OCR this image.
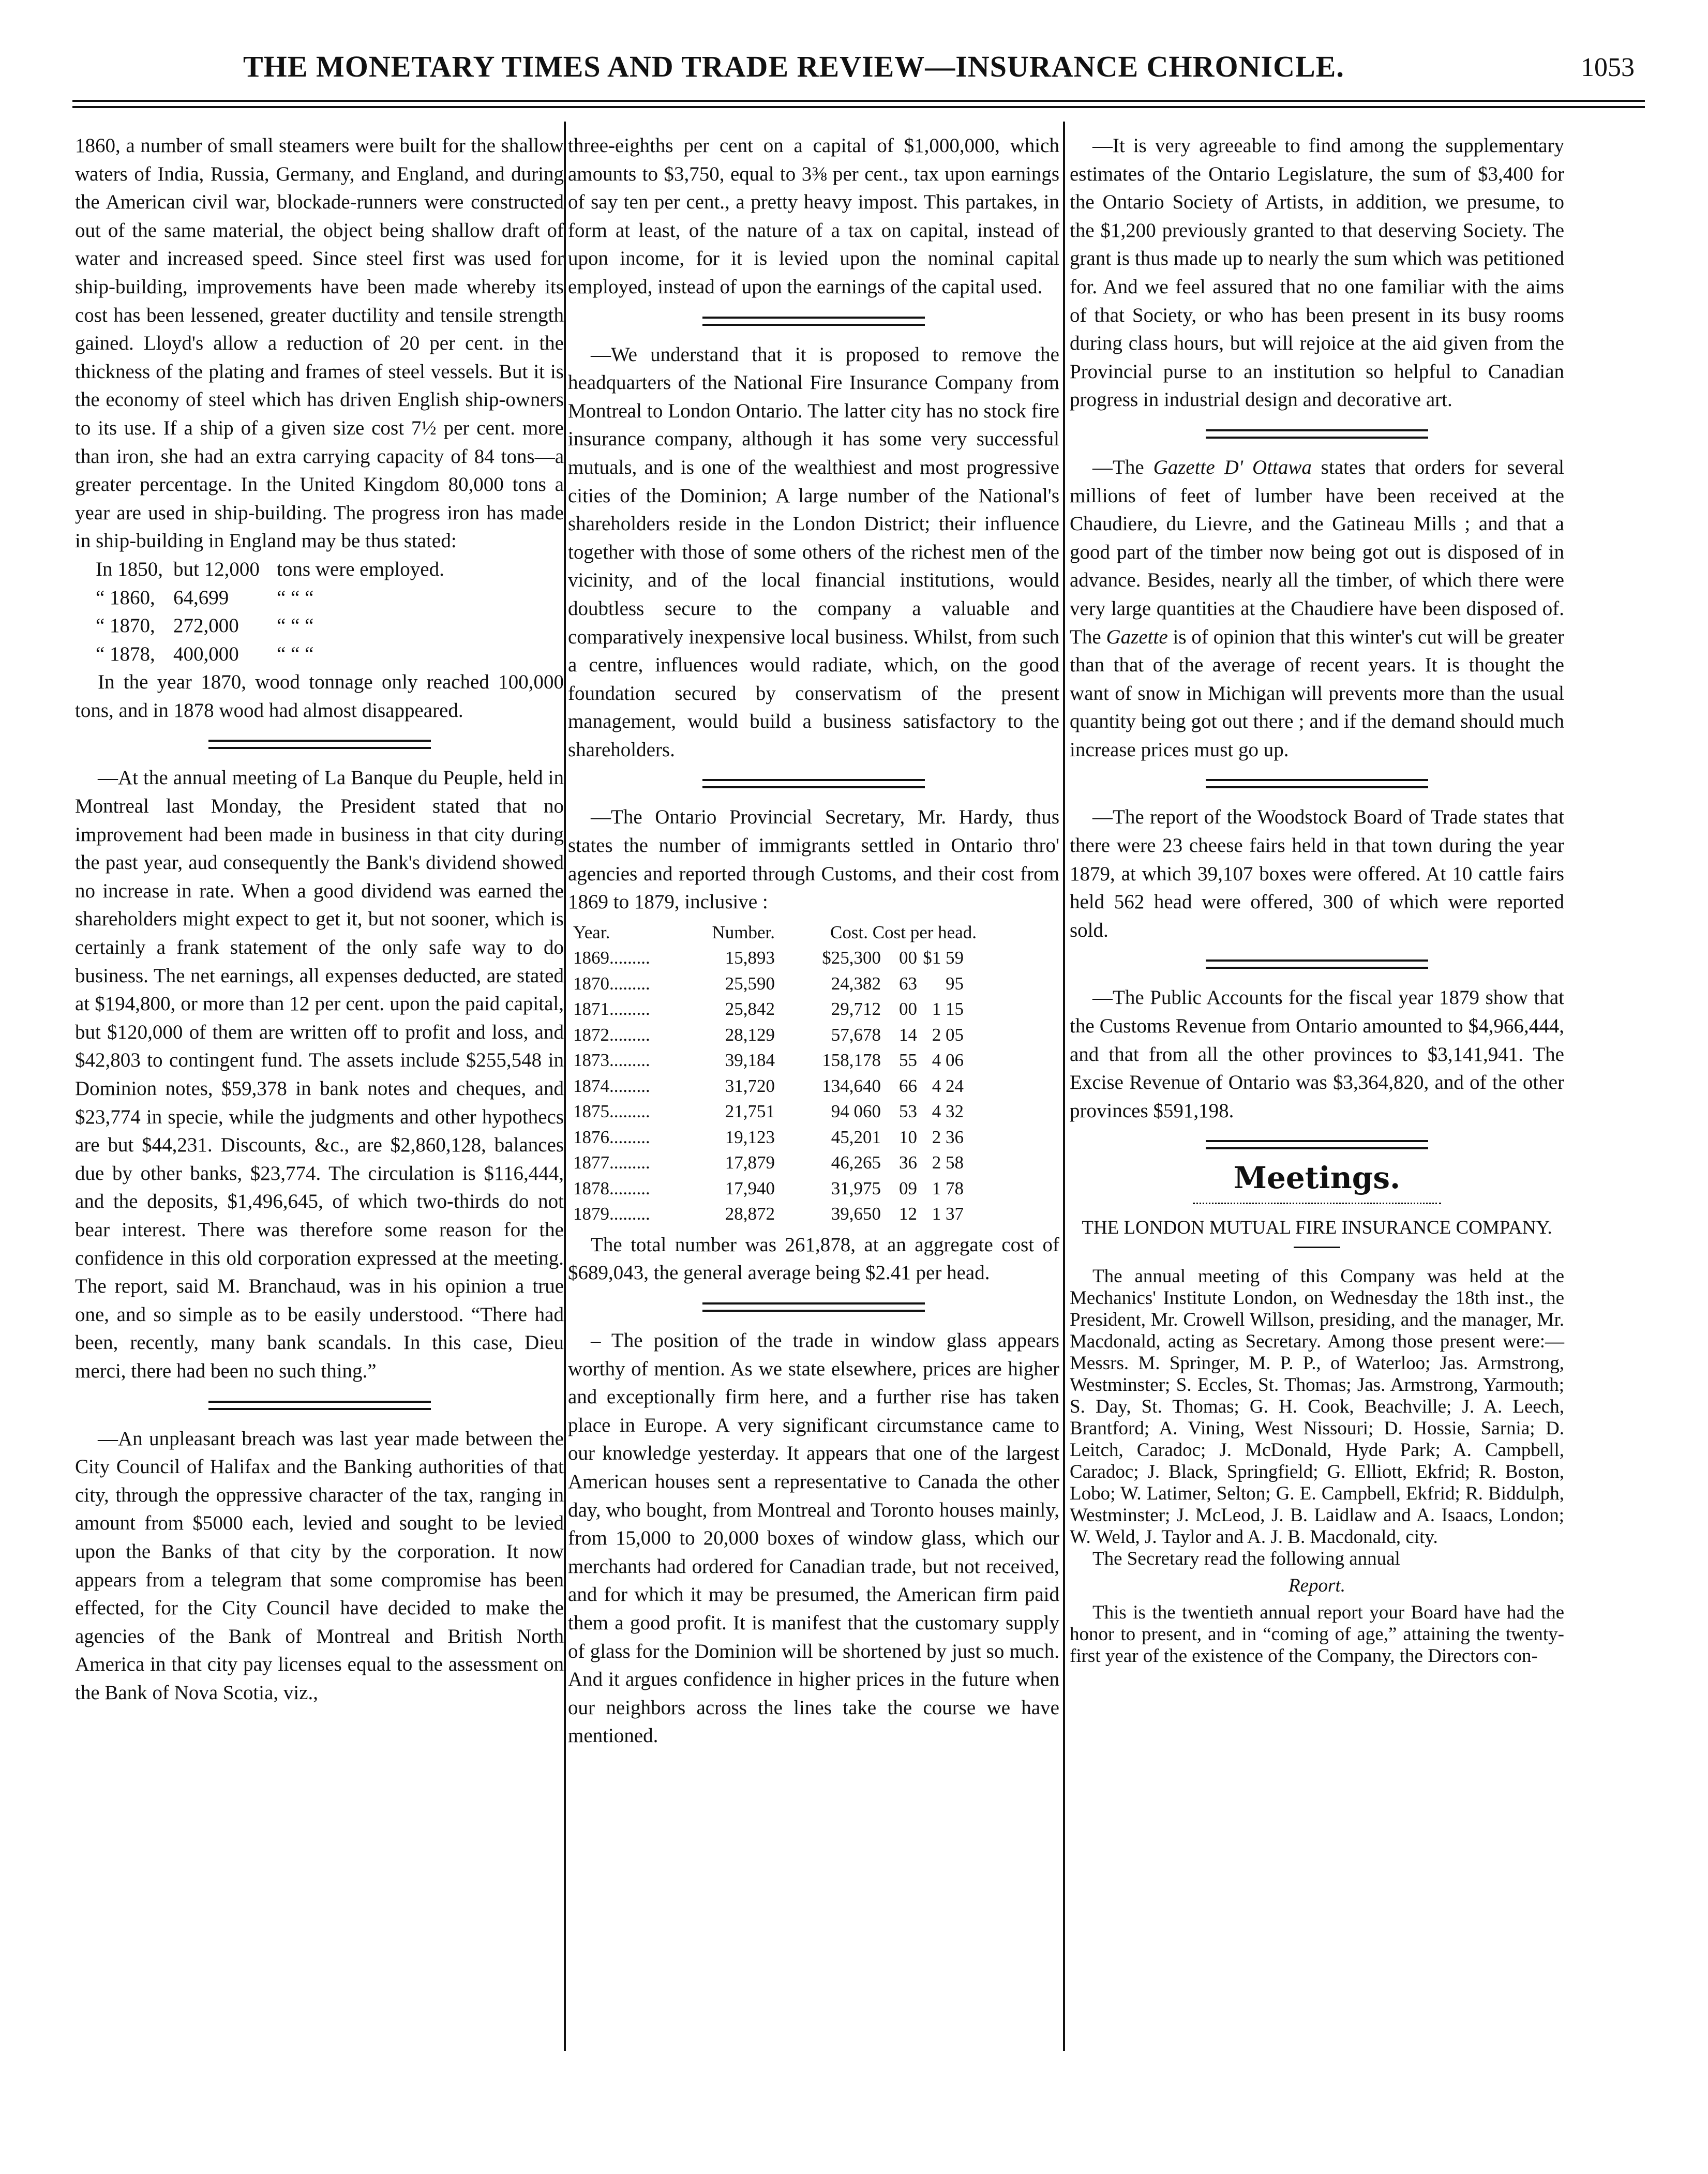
THE MONETARY TIMES AND TRADE REVIEW—INSURANCE CHRONICLE.	1053

1860, a number of small steamers were built for the shallow waters of India, Russia, Germany, and England, and during the American civil war, blockade-runners were constructed out of the same material, the object being shallow draft of water and increased speed. Since steel first was used for ship-building, improvements have been made whereby its cost has been lessened, greater ductility and tensile strength gained. Lloyd's allow a reduction of 20 per cent. in the thickness of the plating and frames of steel vessels. But it is the economy of steel which has driven English ship-owners to its use. If a ship of a given size cost 7½ per cent. more than iron, she had an extra carrying capacity of 84 tons—a greater percentage. In the United Kingdom 80,000 tons a year are used in ship-building. The progress iron has made in ship-building in England may be thus stated:

In 1850, but 12,000 tons were employed.
“ 1860, 64,699	“ “ “
“ 1870, 272,000	“ “ “
“ 1878, 400,000	“ “ “

In the year 1870, wood tonnage only reached 100,000 tons, and in 1878 wood had almost disappeared.

—At the annual meeting of La Banque du Peuple, held in Montreal last Monday, the President stated that no improvement had been made in business in that city during the past year, aud consequently the Bank's dividend showed no increase in rate. When a good dividend was earned the shareholders might expect to get it, but not sooner, which is certainly a frank statement of the only safe way to do business. The net earnings, all expenses deducted, are stated at $194,800, or more than 12 per cent. upon the paid capital, but $120,000 of them are written off to profit and loss, and $42,803 to contingent fund. The assets include $255,548 in Dominion notes, $59,378 in bank notes and cheques, and $23,774 in specie, while the judgments and other hypothecs are but $44,231. Discounts, &c., are $2,860,128, balances due by other banks, $23,774. The circulation is $116,444, and the deposits, $1,496,645, of which two-thirds do not bear interest. There was therefore some reason for the confidence in this old corporation expressed at the meeting. The report, said M. Branchaud, was in his opinion a true one, and so simple as to be easily understood. “There had been, recently, many bank scandals. In this case, Dieu merci, there had been no such thing.”

—An unpleasant breach was last year made between the City Council of Halifax and the Banking authorities of that city, through the oppressive character of the tax, ranging in amount from $5000 each, levied and sought to be levied upon the Banks of that city by the corporation. It now appears from a telegram that some compromise has been effected, for the City Council have decided to make the agencies of the Bank of Montreal and British North America in that city pay licenses equal to the assessment on the Bank of Nova Scotia, viz.,

three-eighths per cent on a capital of $1,000,000, which amounts to $3,750, equal to 3⅜ per cent., tax upon earnings of say ten per cent., a pretty heavy impost. This partakes, in form at least, of the nature of a tax on capital, instead of upon income, for it is levied upon the nominal capital employed, instead of upon the earnings of the capital used.

—We understand that it is proposed to remove the headquarters of the National Fire Insurance Company from Montreal to London Ontario. The latter city has no stock fire insurance company, although it has some very successful mutuals, and is one of the wealthiest and most progressive cities of the Dominion; A large number of the National's shareholders reside in the London District; their influence together with those of some others of the richest men of the vicinity, and of the local financial institutions, would doubtless secure to the company a valuable and comparatively inexpensive local business. Whilst, from such a centre, influences would radiate, which, on the good foundation secured by conservatism of the present management, would build a business satisfactory to the shareholders.

—The Ontario Provincial Secretary, Mr. Hardy, thus states the number of immigrants settled in Ontario thro' agencies and reported through Customs, and their cost from 1869 to 1879, inclusive :

Year.	Number.	Cost. Cost per head.
1869.........	15,893	$25,300	00 $1 59
1870.........	25,590	24,382	63	95
1871.........	25,842	29,712	00 1 15
1872.........	28,129	57,678	14 2 05
1873.........	39,184	158,178	55 4 06
1874.........	31,720	134,640	66 4 24
1875.........	21,751	94 060	53 4 32
1876.........	19,123	45,201	10 2 36
1877.........	17,879	46,265	36 2 58
1878.........	17,940	31,975	09 1 78
1879.........	28,872	39,650	12 1 37

The total number was 261,878, at an aggregate cost of $689,043, the general average being $2.41 per head.

– The position of the trade in window glass appears worthy of mention. As we state elsewhere, prices are higher and exceptionally firm here, and a further rise has taken place in Europe. A very significant circumstance came to our knowledge yesterday. It appears that one of the largest American houses sent a representative to Canada the other day, who bought, from Montreal and Toronto houses mainly, from 15,000 to 20,000 boxes of window glass, which our merchants had ordered for Canadian trade, but not received, and for which it may be presumed, the American firm paid them a good profit. It is manifest that the customary supply of glass for the Dominion will be shortened by just so much. And it argues confidence in higher prices in the future when our neighbors across the lines take the course we have mentioned.

—It is very agreeable to find among the supplementary estimates of the Ontario Legislature, the sum of $3,400 for the Ontario Society of Artists, in addition, we presume, to the $1,200 previously granted to that deserving Society. The grant is thus made up to nearly the sum which was petitioned for. And we feel assured that no one familiar with the aims of that Society, or who has been present in its busy rooms during class hours, but will rejoice at the aid given from the Provincial purse to an institution so helpful to Canadian progress in industrial design and decorative art.

—The Gazette D' Ottawa states that orders for several millions of feet of lumber have been received at the Chaudiere, du Lievre, and the Gatineau Mills ; and that a good part of the timber now being got out is disposed of in advance. Besides, nearly all the timber, of which there were very large quantities at the Chaudiere have been disposed of. The Gazette is of opinion that this winter's cut will be greater than that of the average of recent years. It is thought the want of snow in Michigan will prevents more than the usual quantity being got out there ; and if the demand should much increase prices must go up.

—The report of the Woodstock Board of Trade states that there were 23 cheese fairs held in that town during the year 1879, at which 39,107 boxes were offered. At 10 cattle fairs held 562 head were offered, 300 of which were reported sold.

—The Public Accounts for the fiscal year 1879 show that the Customs Revenue from Ontario amounted to $4,966,444, and that from all the other provinces to $3,141,941. The Excise Revenue of Ontario was $3,364,820, and of the other provinces $591,198.

Meetings.
THE LONDON MUTUAL FIRE INSURANCE COMPANY.

The annual meeting of this Company was held at the Mechanics' Institute London, on Wednesday the 18th inst., the President, Mr. Crowell Willson, presiding, and the manager, Mr. Macdonald, acting as Secretary. Among those present were:—Messrs. M. Springer, M. P. P., of Waterloo; Jas. Armstrong, Westminster; S. Eccles, St. Thomas; Jas. Armstrong, Yarmouth; S. Day, St. Thomas; G. H. Cook, Beachville; J. A. Leech, Brantford; A. Vining, West Nissouri; D. Hossie, Sarnia; D. Leitch, Caradoc; J. McDonald, Hyde Park; A. Campbell, Caradoc; J. Black, Springfield; G. Elliott, Ekfrid; R. Boston, Lobo; W. Latimer, Selton; G. E. Campbell, Ekfrid; R. Biddulph, Westminster; J. McLeod, J. B. Laidlaw and A. Isaacs, London; W. Weld, J. Taylor and A. J. B. Macdonald, city.

The Secretary read the following annual

Report.

This is the twentieth annual report your Board have had the honor to present, and in “coming of age,” attaining the twenty-first year of the existence of the Company, the Directors con-
